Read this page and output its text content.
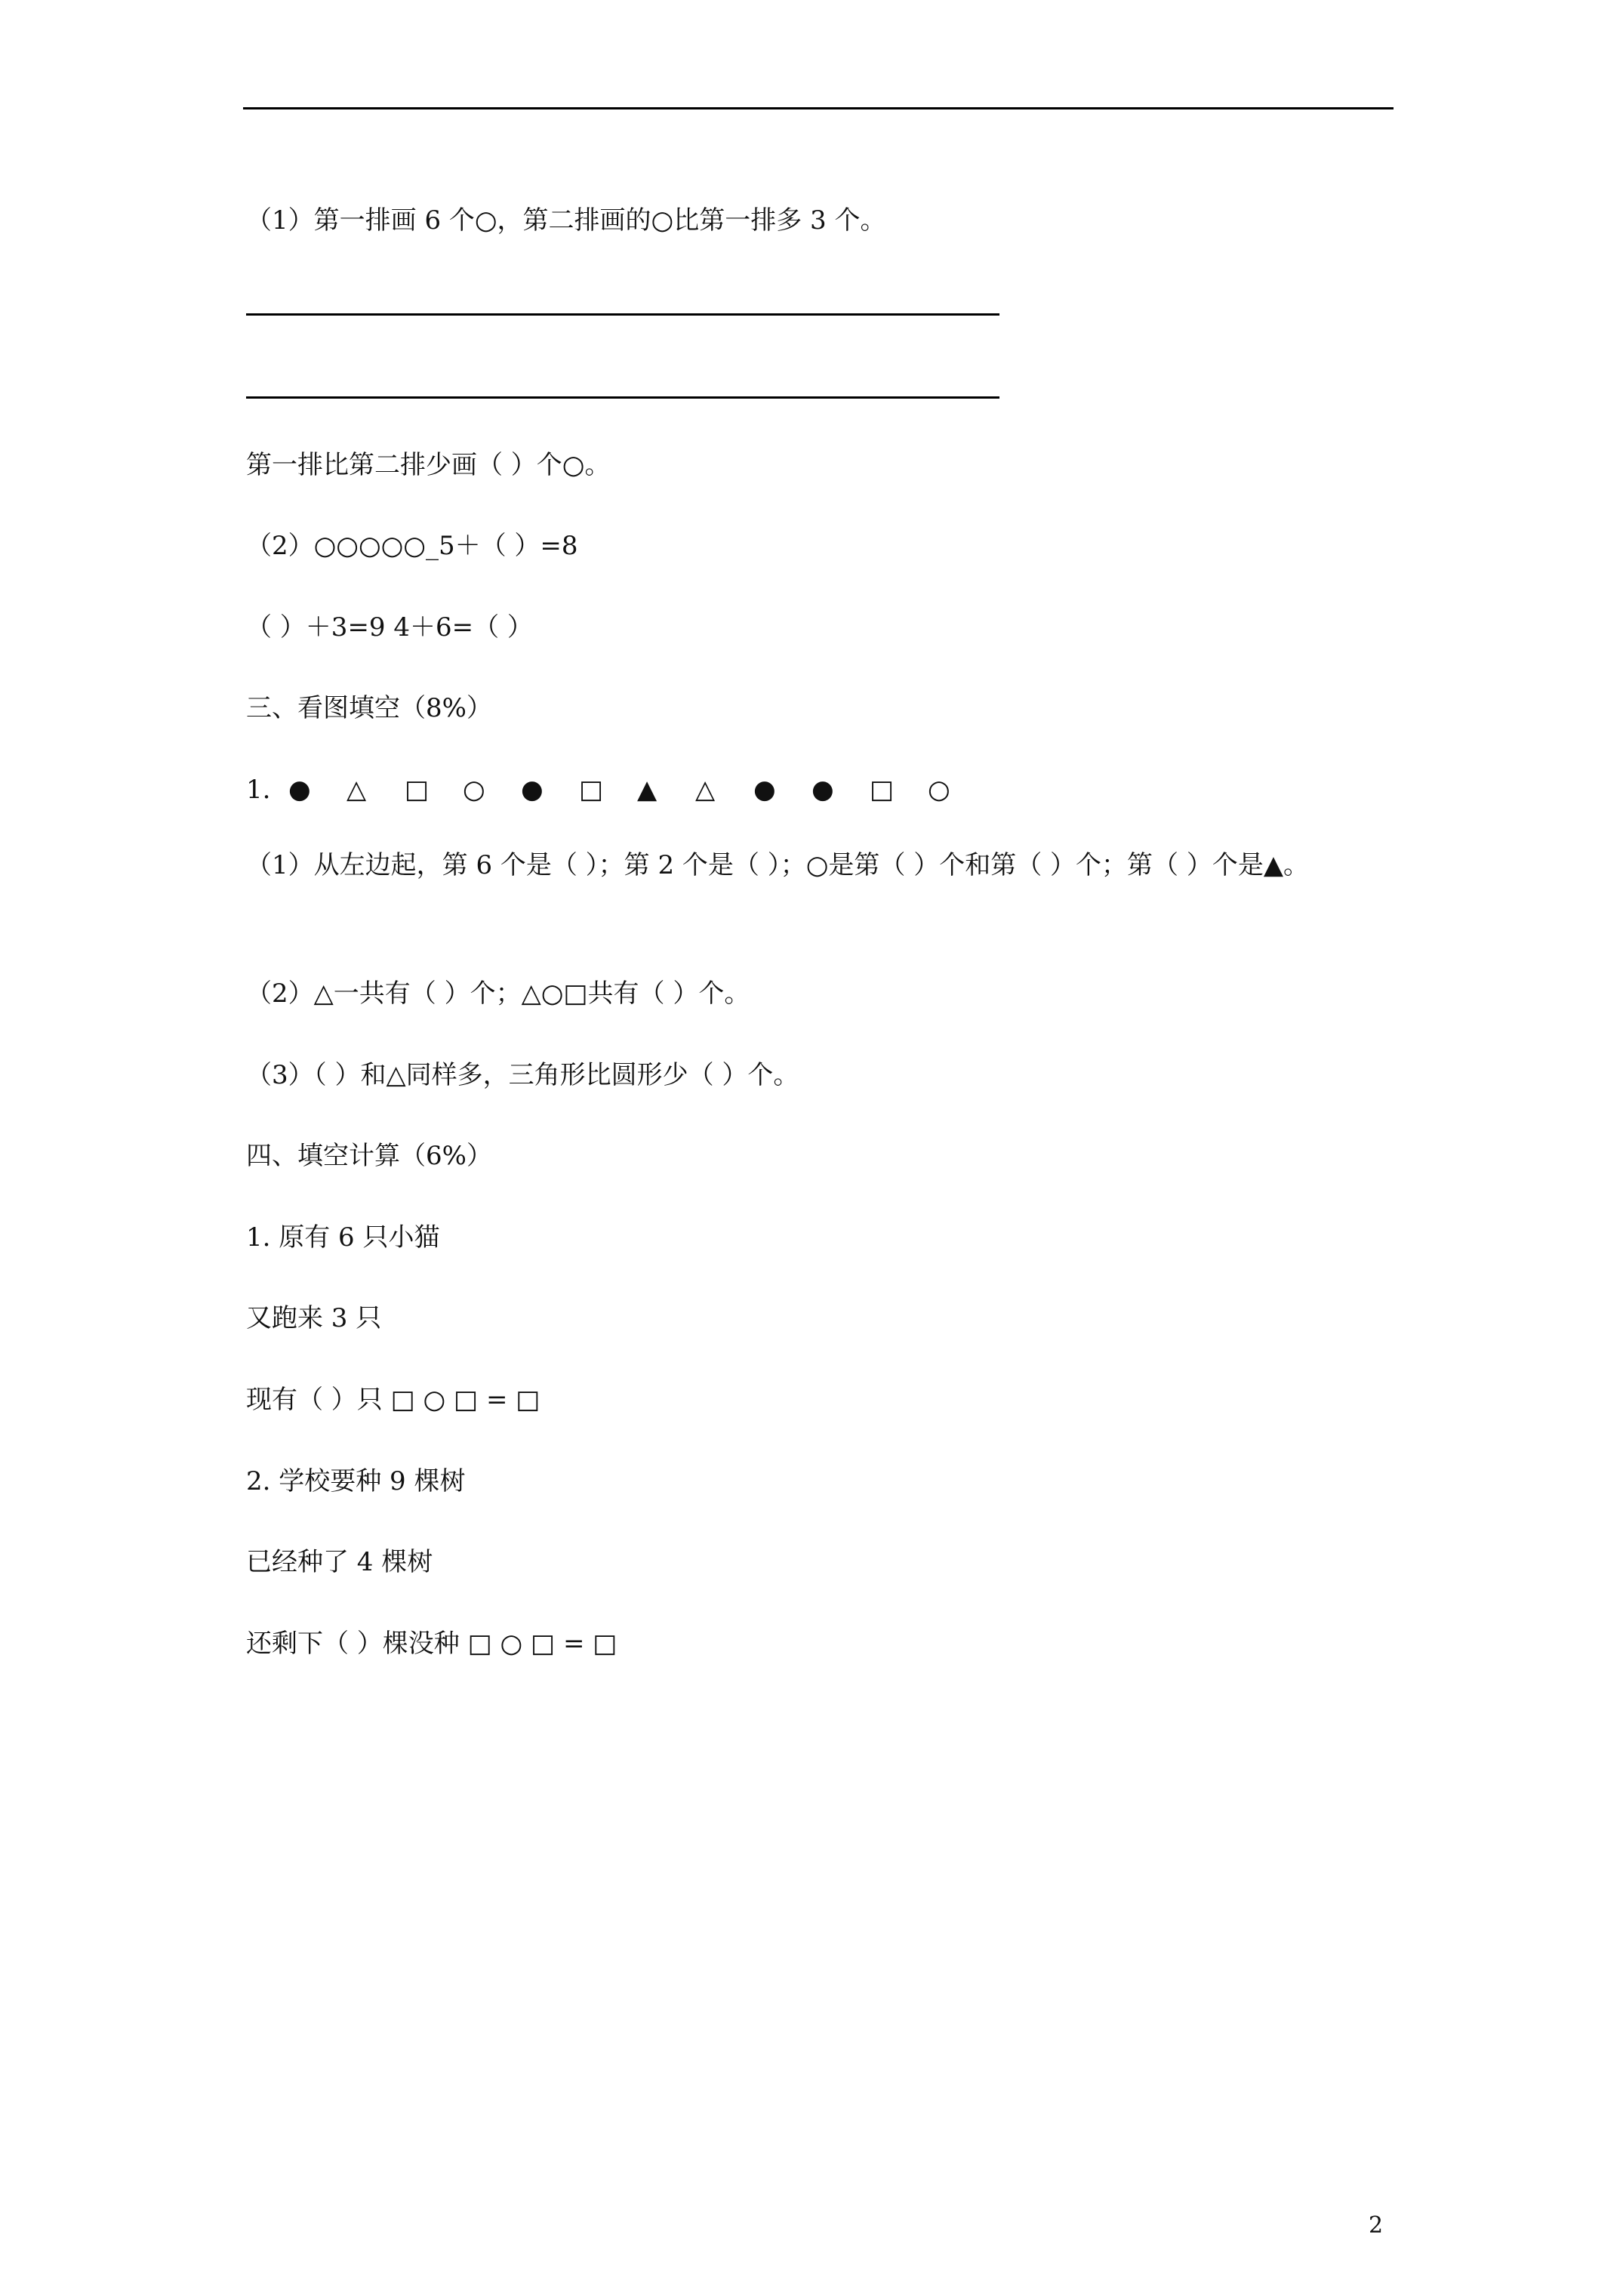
（1）第一排画 6 个○，第二排画的○比第一排多 3 个。
第一排比第二排少画（ ）个○。
（2）○○○○○_5＋（ ）=8
（ ）＋3=9 4＋6=（ ）
三、看图填空（8%）
1. ● △ □ ○ ● □ ▲ △ ● ● □ ○
（1）从左边起，第 6 个是（ ）；第 2 个是（ ）；○是第（ ）个和第（ ）个；第（ ）个是▲。
（2）△一共有（ ）个；△○□共有（ ）个。
（3）（ ）和△同样多，三角形比圆形少（ ）个。
四、填空计算（6%）
1. 原有 6 只小猫
又跑来 3 只
现有（ ）只 □ ○ □ = □
2. 学校要种 9 棵树
已经种了 4 棵树
还剩下（ ）棵没种 □ ○ □ = □
2
